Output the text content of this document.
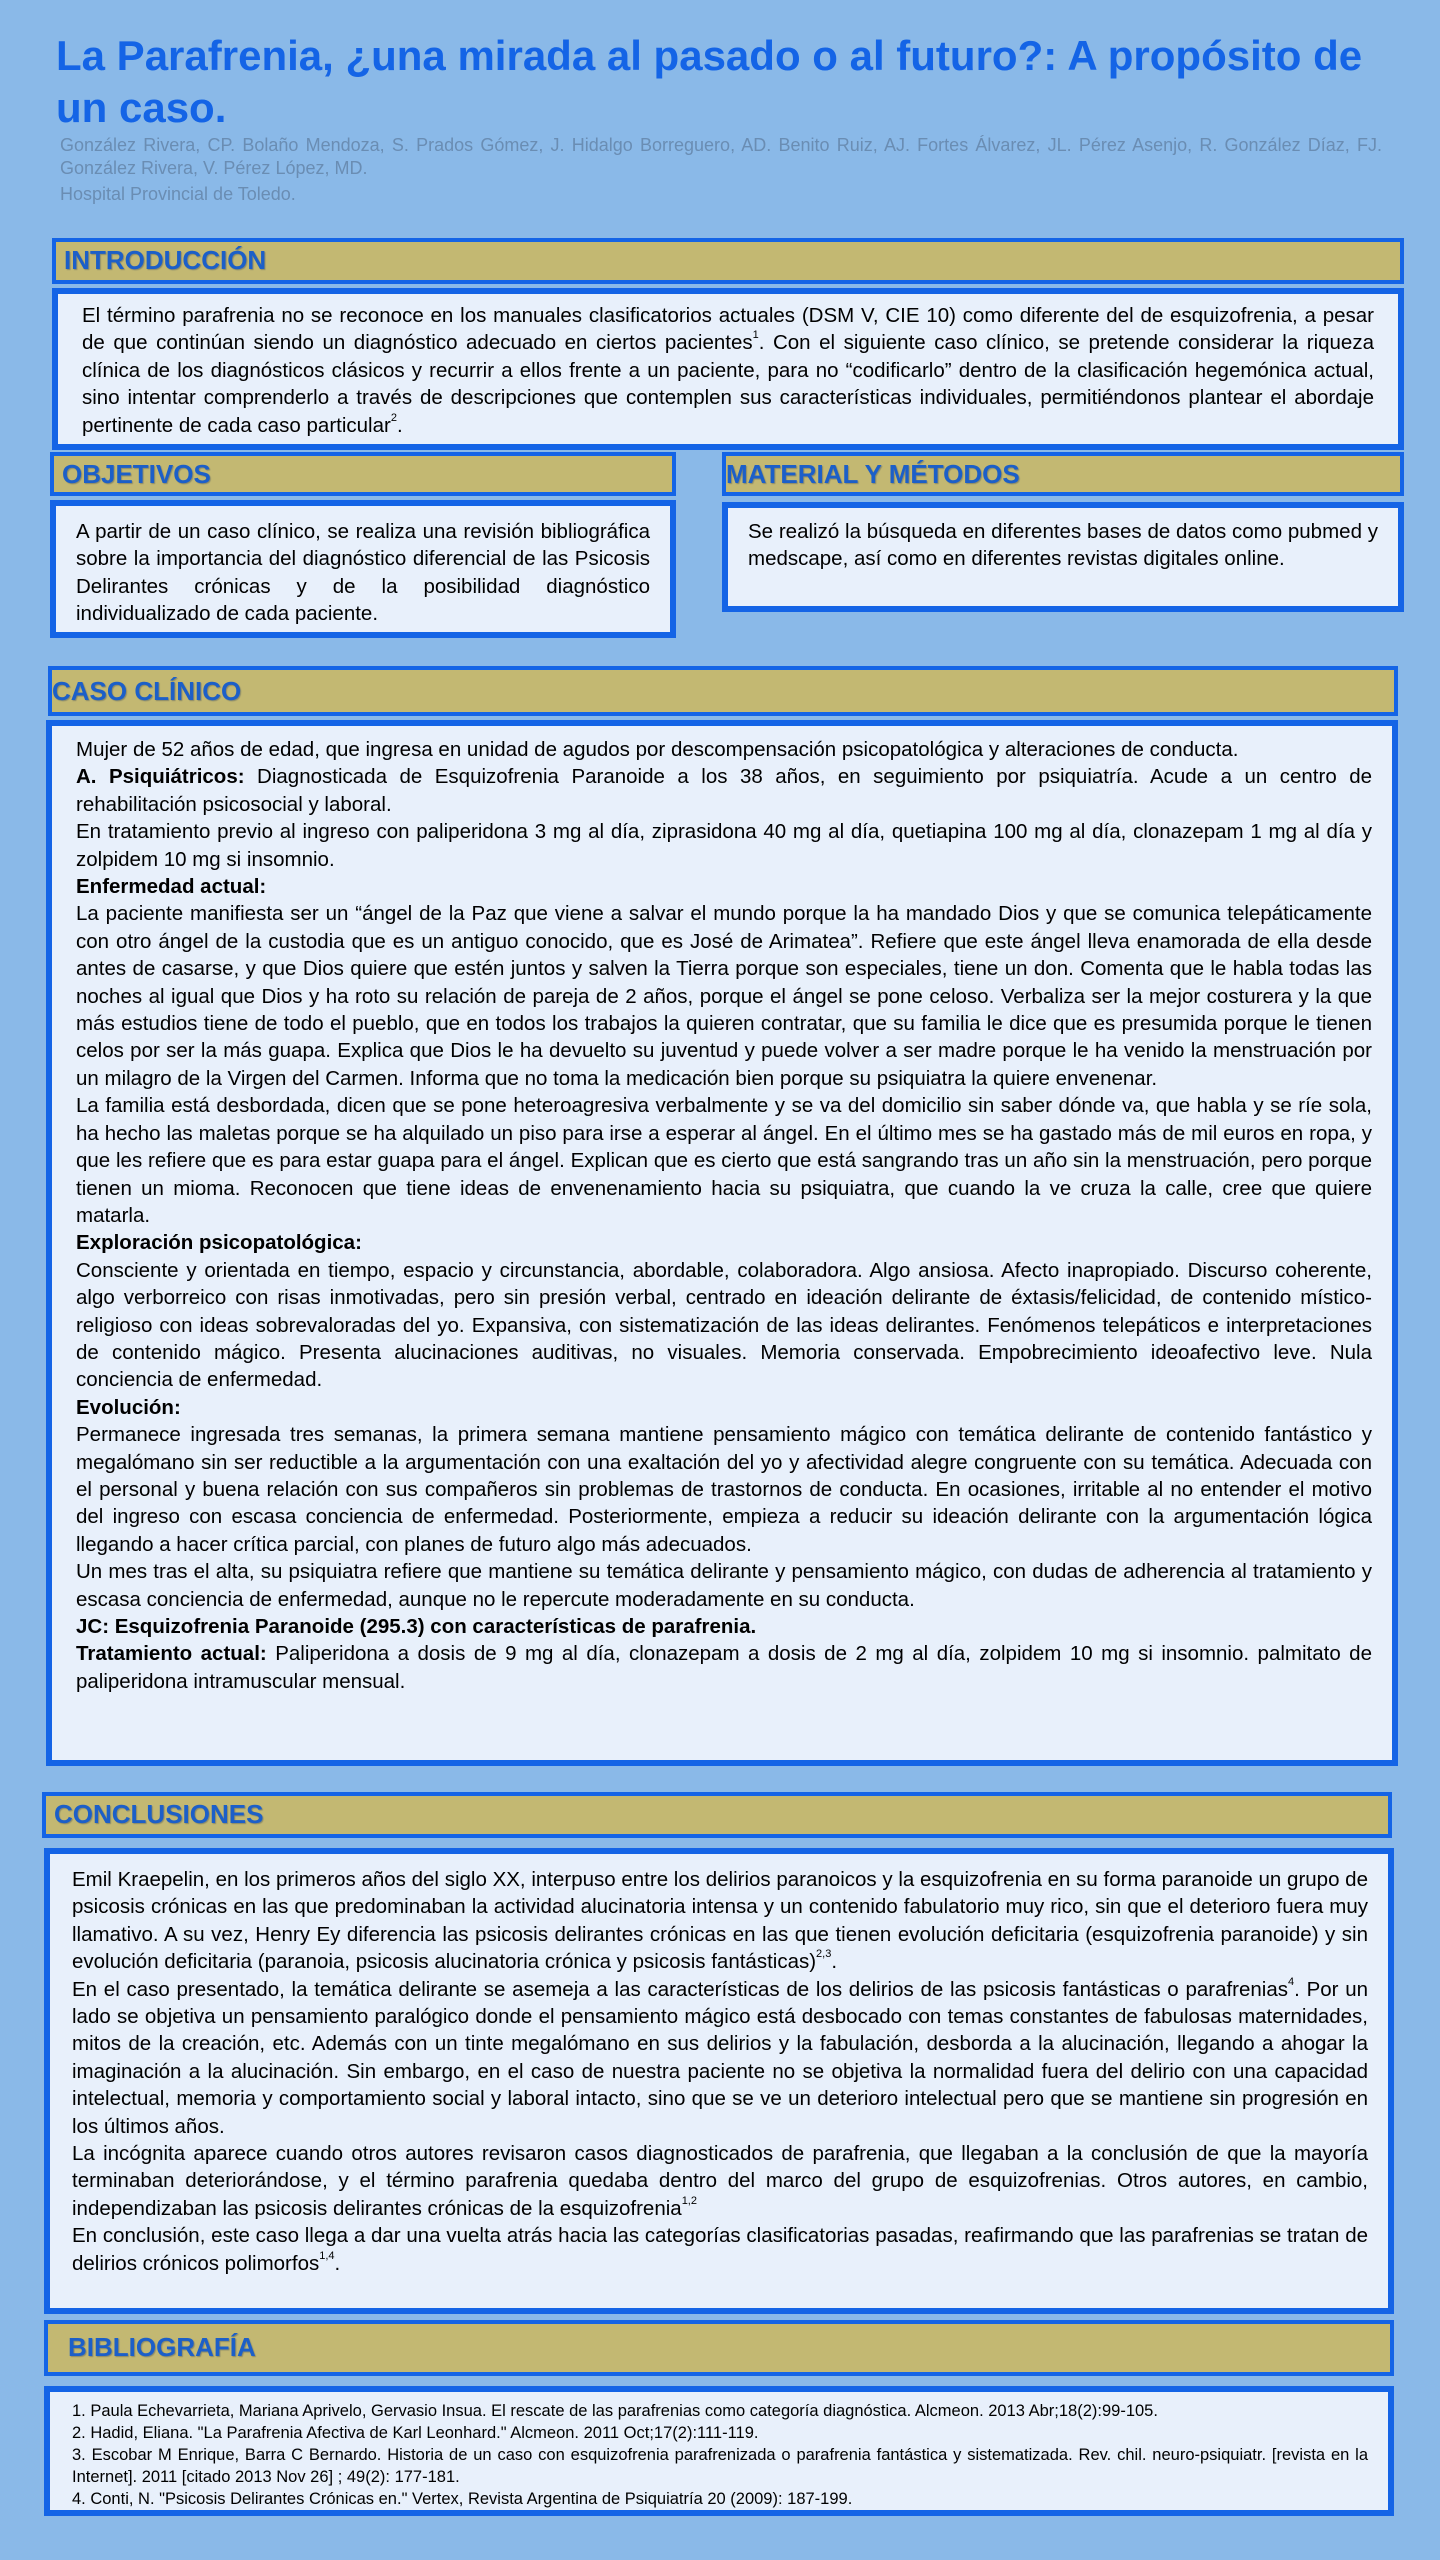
La Parafrenia, ¿una mirada al pasado o al futuro?: A propósito de un caso.

González Rivera, CP. Bolaño Mendoza, S. Prados Gómez, J. Hidalgo Borreguero, AD. Benito Ruiz, AJ. Fortes Álvarez, JL. Pérez Asenjo, R. González Díaz, FJ. González Rivera, V. Pérez López, MD.

Hospital Provincial de Toledo.

INTRODUCCIÓN

El término parafrenia no se reconoce en los manuales clasificatorios actuales (DSM V, CIE 10) como diferente del de esquizofrenia, a pesar de que continúan siendo un diagnóstico adecuado en ciertos pacientes$^1$. Con el siguiente caso clínico, se pretende considerar la riqueza clínica de los diagnósticos clásicos y recurrir a ellos frente a un paciente, para no “codificarlo” dentro de la clasificación hegemónica actual, sino intentar comprenderlo a través de descripciones que contemplen sus características individuales, permitiéndonos plantear el abordaje pertinente de cada caso particular$^2$.

OBJETIVOS

A partir de un caso clínico, se realiza una revisión bibliográfica sobre la importancia del diagnóstico diferencial de las Psicosis Delirantes crónicas y de la posibilidad diagnóstico individualizado de cada paciente.

MATERIAL Y MÉTODOS

Se realizó la búsqueda en diferentes bases de datos como pubmed y medscape, así como en diferentes revistas digitales online.

CASO CLÍNICO

Mujer de 52 años de edad, que ingresa en unidad de agudos por descompensación psicopatológica y alteraciones de conducta.

A. Psiquiátricos: Diagnosticada de Esquizofrenia Paranoide a los 38 años, en seguimiento por psiquiatría. Acude a un centro de rehabilitación psicosocial y laboral.

En tratamiento previo al ingreso con paliperidona 3 mg al día, ziprasidona 40 mg al día, quetiapina 100 mg al día, clonazepam 1 mg al día y zolpidem 10 mg si insomnio.

Enfermedad actual:

La paciente manifiesta ser un “ángel de la Paz que viene a salvar el mundo porque la ha mandado Dios y que se comunica telepáticamente con otro ángel de la custodia que es un antiguo conocido, que es José de Arimatea”. Refiere que este ángel lleva enamorada de ella desde antes de casarse, y que Dios quiere que estén juntos y salven la Tierra porque son especiales, tiene un don. Comenta que le habla todas las noches al igual que Dios y ha roto su relación de pareja de 2 años, porque el ángel se pone celoso. Verbaliza ser la mejor costurera y la que más estudios tiene de todo el pueblo, que en todos los trabajos la quieren contratar, que su familia le dice que es presumida porque le tienen celos por ser la más guapa. Explica que Dios le ha devuelto su juventud y puede volver a ser madre porque le ha venido la menstruación por un milagro de la Virgen del Carmen. Informa que no toma la medicación bien porque su psiquiatra la quiere envenenar.

La familia está desbordada, dicen que se pone heteroagresiva verbalmente y se va del domicilio sin saber dónde va, que habla y se ríe sola, ha hecho las maletas porque se ha alquilado un piso para irse a esperar al ángel. En el último mes se ha gastado más de mil euros en ropa, y que les refiere que es para estar guapa para el ángel. Explican que es cierto que está sangrando tras un año sin la menstruación, pero porque tienen un mioma. Reconocen que tiene ideas de envenenamiento hacia su psiquiatra, que cuando la ve cruza la calle, cree que quiere matarla.

Exploración psicopatológica:

Consciente y orientada en tiempo, espacio y circunstancia, abordable, colaboradora. Algo ansiosa. Afecto inapropiado. Discurso coherente, algo verborreico con risas inmotivadas, pero sin presión verbal, centrado en ideación delirante de éxtasis/felicidad, de contenido místico-religioso con ideas sobrevaloradas del yo. Expansiva, con sistematización de las ideas delirantes. Fenómenos telepáticos e interpretaciones de contenido mágico. Presenta alucinaciones auditivas, no visuales. Memoria conservada. Empobrecimiento ideoafectivo leve. Nula conciencia de enfermedad.

Evolución:

Permanece ingresada tres semanas, la primera semana mantiene pensamiento mágico con temática delirante de contenido fantástico y megalómano sin ser reductible a la argumentación con una exaltación del yo y afectividad alegre congruente con su temática. Adecuada con el personal y buena relación con sus compañeros sin problemas de trastornos de conducta. En ocasiones, irritable al no entender el motivo del ingreso con escasa conciencia de enfermedad. Posteriormente, empieza a reducir su ideación delirante con la argumentación lógica llegando a hacer crítica parcial, con planes de futuro algo más adecuados.

Un mes tras el alta, su psiquiatra refiere que mantiene su temática delirante y pensamiento mágico, con dudas de adherencia al tratamiento y escasa conciencia de enfermedad, aunque no le repercute moderadamente en su conducta.

JC: Esquizofrenia Paranoide (295.3) con características de parafrenia.

Tratamiento actual: Paliperidona a dosis de 9 mg al día, clonazepam a dosis de 2 mg al día, zolpidem 10 mg si insomnio. palmitato de paliperidona intramuscular mensual.

CONCLUSIONES

Emil Kraepelin, en los primeros años del siglo XX, interpuso entre los delirios paranoicos y la esquizofrenia en su forma paranoide un grupo de psicosis crónicas en las que predominaban la actividad alucinatoria intensa y un contenido fabulatorio muy rico, sin que el deterioro fuera muy llamativo. A su vez, Henry Ey diferencia las psicosis delirantes crónicas en las que tienen evolución deficitaria (esquizofrenia paranoide) y sin evolución deficitaria (paranoia, psicosis alucinatoria crónica y psicosis fantásticas)$^{2,3}$.

En el caso presentado, la temática delirante se asemeja a las características de los delirios de las psicosis fantásticas o parafrenias$^4$. Por un lado se objetiva un pensamiento paralógico donde el pensamiento mágico está desbocado con temas constantes de fabulosas maternidades, mitos de la creación, etc. Además con un tinte megalómano en sus delirios y la fabulación, desborda a la alucinación, llegando a ahogar la imaginación a la alucinación. Sin embargo, en el caso de nuestra paciente no se objetiva la normalidad fuera del delirio con una capacidad intelectual, memoria y comportamiento social y laboral intacto, sino que se ve un deterioro intelectual pero que se mantiene sin progresión en los últimos años.

La incógnita aparece cuando otros autores revisaron casos diagnosticados de parafrenia, que llegaban a la conclusión de que la mayoría terminaban deteriorándose, y el término parafrenia quedaba dentro del marco del grupo de esquizofrenias. Otros autores, en cambio, independizaban las psicosis delirantes crónicas de la esquizofrenia$^{1,2}$

En conclusión, este caso llega a dar una vuelta atrás hacia las categorías clasificatorias pasadas, reafirmando que las parafrenias se tratan de delirios crónicos polimorfos$^{1,4}$.

BIBLIOGRAFÍA

1. Paula Echevarrieta, Mariana Aprivelo, Gervasio Insua. El rescate de las parafrenias como categoría diagnóstica. Alcmeon. 2013 Abr;18(2):99-105.

2. Hadid, Eliana. "La Parafrenia Afectiva de Karl Leonhard." Alcmeon. 2011 Oct;17(2):111-119.

3. Escobar M Enrique, Barra C Bernardo. Historia de un caso con esquizofrenia parafrenizada o parafrenia fantástica y sistematizada. Rev. chil. neuro-psiquiatr. [revista en la Internet]. 2011 [citado 2013 Nov 26] ; 49(2): 177-181.

4. Conti, N. "Psicosis Delirantes Crónicas en." Vertex, Revista Argentina de Psiquiatría 20 (2009): 187-199.
